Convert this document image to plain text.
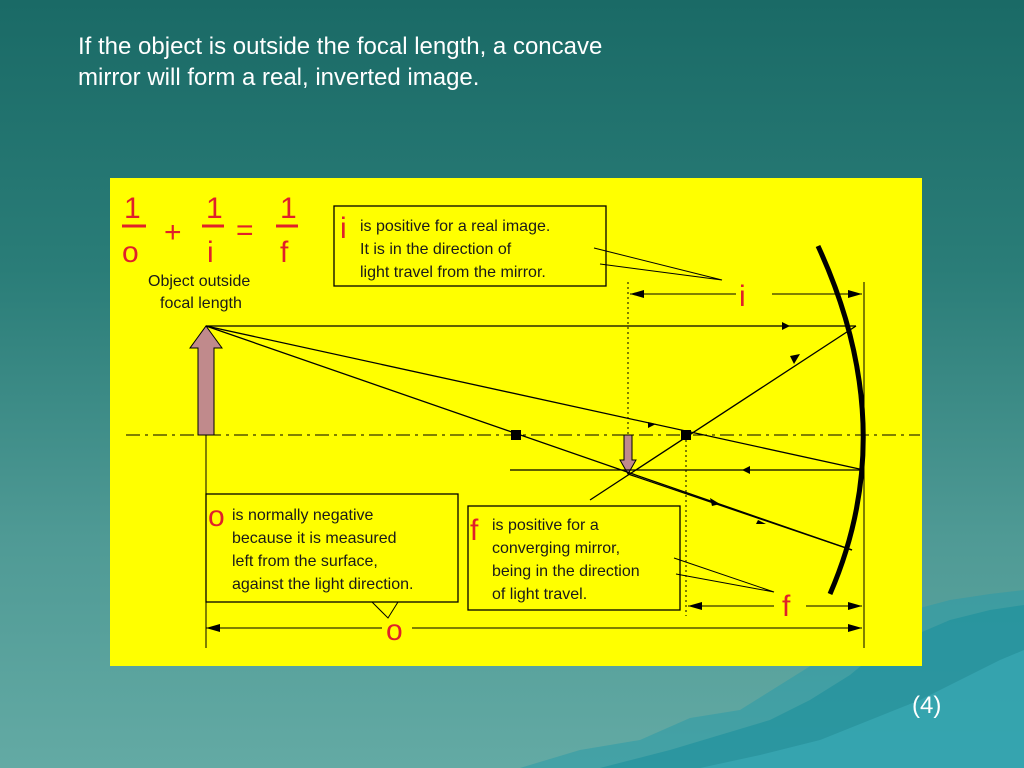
If the object is outside the focal length, a concave mirror will form a real, inverted image.
1
o
+
1
i
=
1
f
Object outside
focal length
i is positive for a real image.
It is in the direction of
light travel from the mirror.
i
f
o
o is normally negative
because it is measured
left from the surface,
against the light direction.
f is positive for a
converging mirror,
being in the direction
of light travel.
(4)
